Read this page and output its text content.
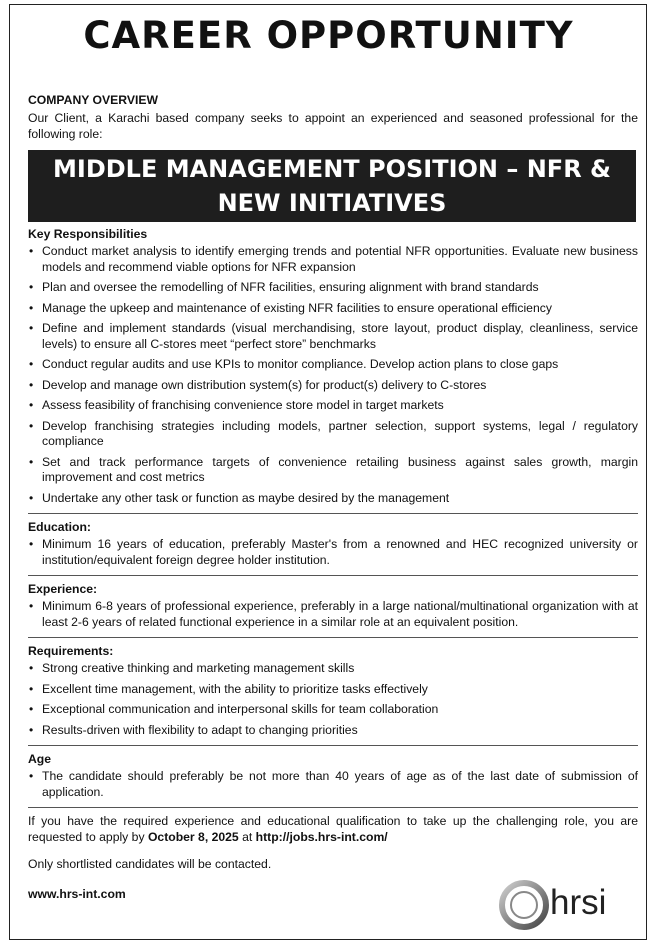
CAREER OPPORTUNITY
COMPANY OVERVIEW

Our Client, a Karachi based company seeks to appoint an experienced and seasoned professional for the following role:

MIDDLE MANAGEMENT POSITION – NFR & NEW INITIATIVES
Key Responsibilities
• Conduct market analysis to identify emerging trends and potential NFR opportunities. Evaluate new business models and recommend viable options for NFR expansion
• Plan and oversee the remodelling of NFR facilities, ensuring alignment with brand standards
• Manage the upkeep and maintenance of existing NFR facilities to ensure operational efficiency
• Define and implement standards (visual merchandising, store layout, product display, cleanliness, service levels) to ensure all C-stores meet “perfect store” benchmarks
• Conduct regular audits and use KPIs to monitor compliance. Develop action plans to close gaps
• Develop and manage own distribution system(s) for product(s) delivery to C-stores
• Assess feasibility of franchising convenience store model in target markets
• Develop franchising strategies including models, partner selection, support systems, legal / regulatory compliance
• Set and track performance targets of convenience retailing business against sales growth, margin improvement and cost metrics
• Undertake any other task or function as maybe desired by the management
Education:
• Minimum 16 years of education, preferably Master's from a renowned and HEC recognized university or institution/equivalent foreign degree holder institution.
Experience:
• Minimum 6-8 years of professional experience, preferably in a large national/multinational organization with at least 2-6 years of related functional experience in a similar role at an equivalent position.
Requirements:
• Strong creative thinking and marketing management skills
• Excellent time management, with the ability to prioritize tasks effectively
• Exceptional communication and interpersonal skills for team collaboration
• Results-driven with flexibility to adapt to changing priorities
Age
• The candidate should preferably be not more than 40 years of age as of the last date of submission of application.

If you have the required experience and educational qualification to take up the challenging role, you are requested to apply by October 8, 2025 at http://jobs.hrs-int.com/

Only shortlisted candidates will be contacted.

www.hrs-int.com	hrsi
